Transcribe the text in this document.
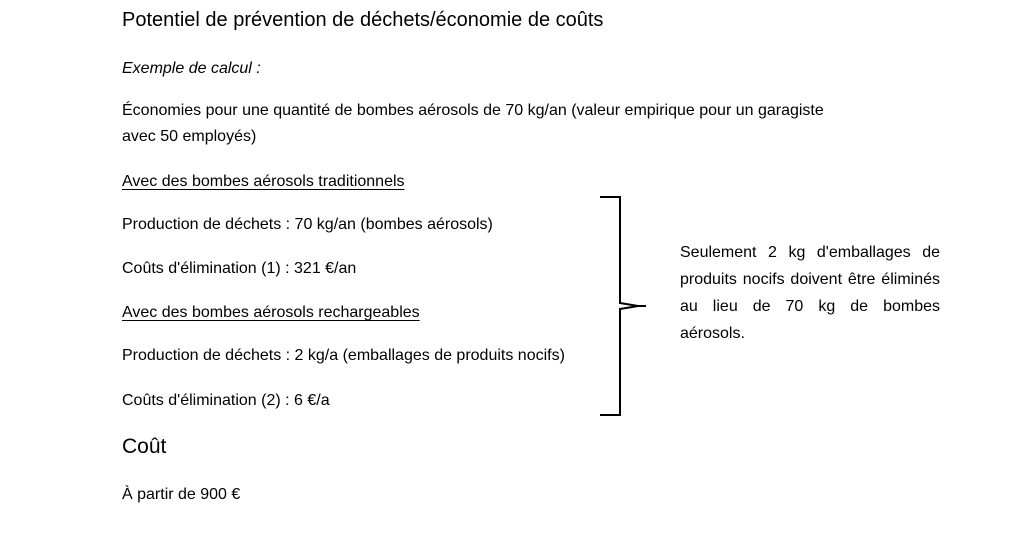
Potentiel de prévention de déchets/économie de coûts
Exemple de calcul :
Économies pour une quantité de bombes aérosols de 70 kg/an (valeur empirique pour un garagiste
avec 50 employés)
Avec des bombes aérosols traditionnels
Production de déchets : 70 kg/an (bombes aérosols)
Coûts d'élimination (1) : 321 €/an
Avec des bombes aérosols rechargeables
Production de déchets : 2 kg/a (emballages de produits nocifs)
Coûts d'élimination (2) : 6 €/a
Seulement 2 kg d'emballages de produits nocifs doivent être éliminés au lieu de 70 kg de bombes aérosols.
Coût
À partir de 900 €
